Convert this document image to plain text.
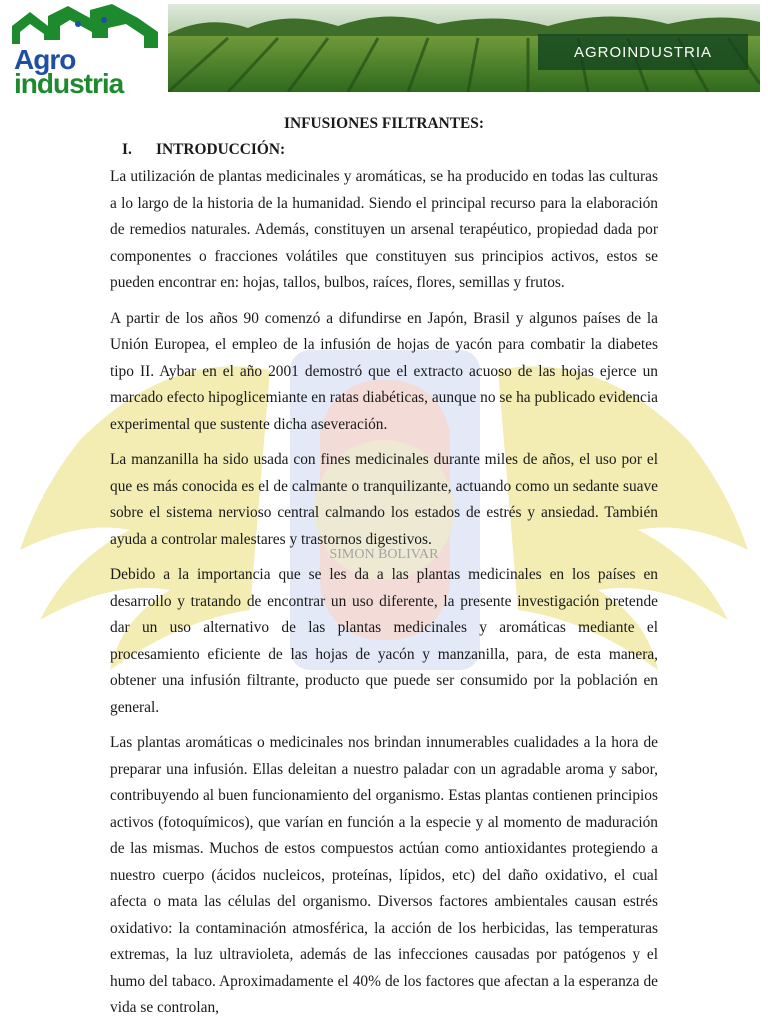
Agro
industria
AGROINDUSTRIA
SIMON BOLIVAR
INFUSIONES FILTRANTES:
I.	INTRODUCCIÓN:

La utilización de plantas medicinales y aromáticas, se ha producido en todas las culturas a lo largo de la historia de la humanidad. Siendo el principal recurso para la elaboración de remedios naturales. Además, constituyen un arsenal terapéutico, propiedad dada por componentes o fracciones volátiles que constituyen sus principios activos, estos se pueden encontrar en: hojas, tallos, bulbos, raíces, flores, semillas y frutos.

A partir de los años 90 comenzó a difundirse en Japón, Brasil y algunos países de la Unión Europea, el empleo de la infusión de hojas de yacón para combatir la diabetes tipo II. Aybar en el año 2001 demostró que el extracto acuoso de las hojas ejerce un marcado efecto hipoglicemiante en ratas diabéticas, aunque no se ha publicado evidencia experimental que sustente dicha aseveración.

La manzanilla ha sido usada con fines medicinales durante miles de años, el uso por el que es más conocida es el de calmante o tranquilizante, actuando como un sedante suave sobre el sistema nervioso central calmando los estados de estrés y ansiedad. También ayuda a controlar malestares y trastornos digestivos.

Debido a la importancia que se les da a las plantas medicinales en los países en desarrollo y tratando de encontrar un uso diferente, la presente investigación pretende dar un uso alternativo de las plantas medicinales y aromáticas mediante el procesamiento eficiente de las hojas de yacón y manzanilla, para, de esta manera, obtener una infusión filtrante, producto que puede ser consumido por la población en general.

Las plantas aromáticas o medicinales nos brindan innumerables cualidades a la hora de preparar una infusión. Ellas deleitan a nuestro paladar con un agradable aroma y sabor, contribuyendo al buen funcionamiento del organismo. Estas plantas contienen principios activos (fotoquímicos), que varían en función a la especie y al momento de maduración de las mismas. Muchos de estos compuestos actúan como antioxidantes protegiendo a nuestro cuerpo (ácidos nucleicos, proteínas, lípidos, etc) del daño oxidativo, el cual afecta o mata las células del organismo. Diversos factores ambientales causan estrés oxidativo: la contaminación atmosférica, la acción de los herbicidas, las temperaturas extremas, la luz ultravioleta, además de las infecciones causadas por patógenos y el humo del tabaco. Aproximadamente el 40% de los factores que afectan a la esperanza de vida se controlan,
